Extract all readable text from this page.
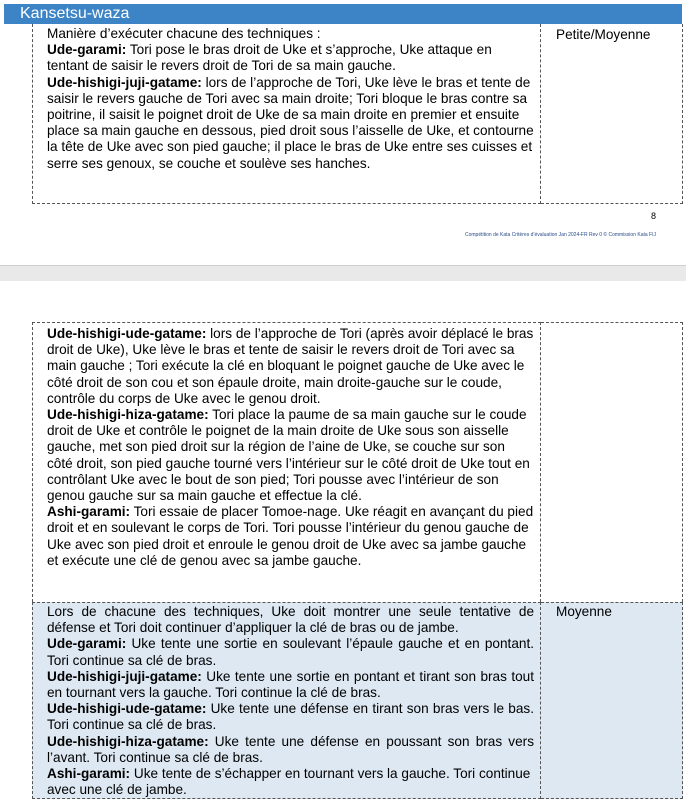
Kansetsu-waza
Manière d’exécuter chacune des techniques :
Ude-garami: Tori pose le bras droit de Uke et s’approche, Uke attaque en tentant de saisir le revers droit de Tori de sa main gauche.
Ude-hishigi-juji-gatame: lors de l’approche de Tori, Uke lève le bras et tente de saisir le revers gauche de Tori avec sa main droite; Tori bloque le bras contre sa poitrine, il saisit le poignet droit de Uke de sa main droite en premier et ensuite place sa main gauche en dessous, pied droit sous l’aisselle de Uke, et contourne la tête de Uke avec son pied gauche; il place le bras de Uke entre ses cuisses et serre ses genoux, se couche et soulève ses hanches.
Petite/Moyenne
8
Compétition de Kata Critères d’évaluation Jan 2024-FR Rev 0 © Commission Kata FIJ
Ude-hishigi-ude-gatame: lors de l’approche de Tori (après avoir déplacé le bras droit de Uke), Uke lève le bras et tente de saisir le revers droit de Tori avec sa main gauche ; Tori exécute la clé en bloquant le poignet gauche de Uke avec le côté droit de son cou et son épaule droite, main droite-gauche sur le coude, contrôle du corps de Uke avec le genou droit.
Ude-hishigi-hiza-gatame: Tori place la paume de sa main gauche sur le coude droit de Uke et contrôle le poignet de la main droite de Uke sous son aisselle gauche, met son pied droit sur la région de l’aine de Uke, se couche sur son côté droit, son pied gauche tourné vers l’intérieur sur le côté droit de Uke tout en contrôlant Uke avec le bout de son pied; Tori pousse avec l’intérieur de son genou gauche sur sa main gauche et effectue la clé.
Ashi-garami: Tori essaie de placer Tomoe-nage. Uke réagit en avançant du pied droit et en soulevant le corps de Tori. Tori pousse l’intérieur du genou gauche de Uke avec son pied droit et enroule le genou droit de Uke avec sa jambe gauche et exécute une clé de genou avec sa jambe gauche.
Lors de chacune des techniques, Uke doit montrer une seule tentative de défense et Tori doit continuer d’appliquer la clé de bras ou de jambe.
Ude-garami: Uke tente une sortie en soulevant l’épaule gauche et en pontant. Tori continue sa clé de bras.
Ude-hishigi-juji-gatame: Uke tente une sortie en pontant et tirant son bras tout en tournant vers la gauche. Tori continue la clé de bras.
Ude-hishigi-ude-gatame: Uke tente une défense en tirant son bras vers le bas. Tori continue sa clé de bras.
Ude-hishigi-hiza-gatame: Uke tente une défense en poussant son bras vers l’avant. Tori continue sa clé de bras.
Ashi-garami: Uke tente de s’échapper en tournant vers la gauche. Tori continue avec une clé de jambe.
Moyenne
